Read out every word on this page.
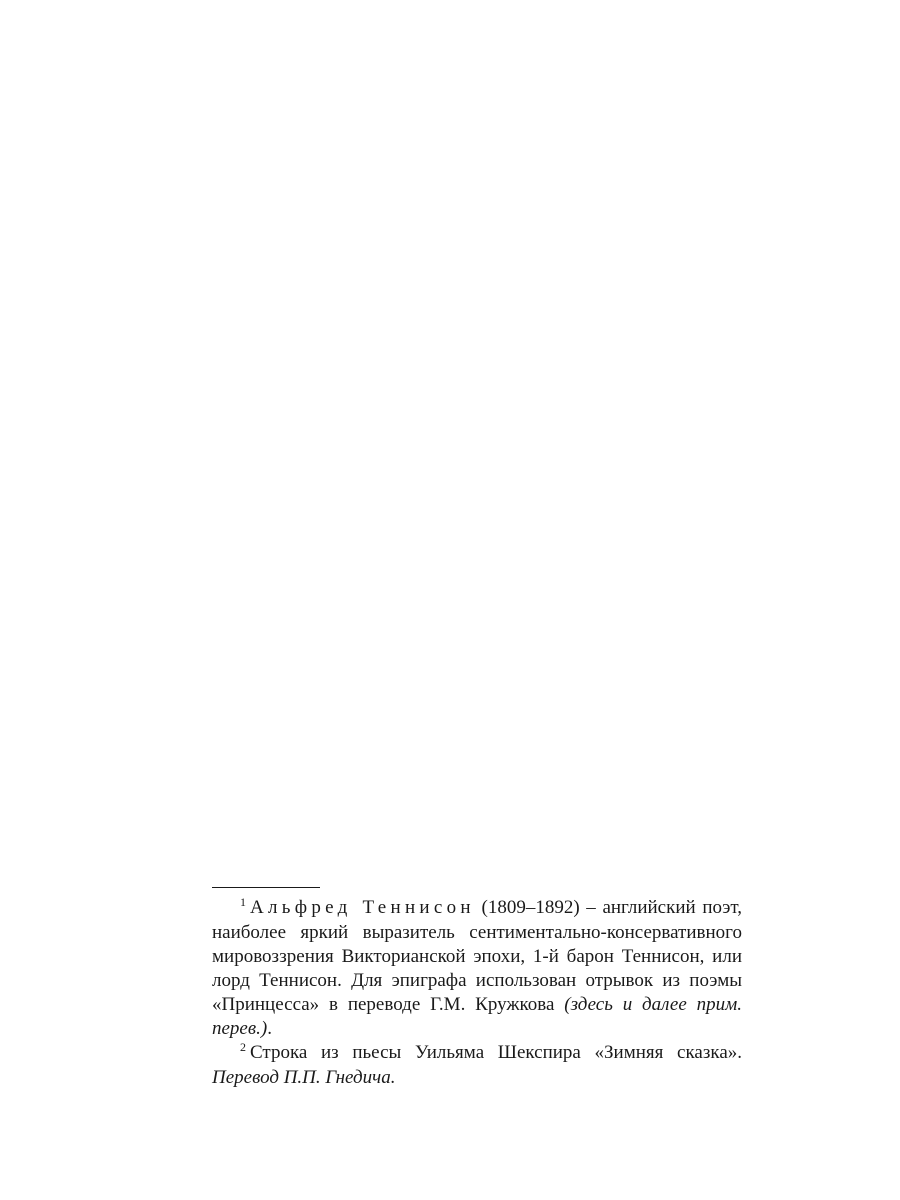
$^1$ Альфред Теннисон (1809–1892) – английский поэт, наиболее яркий выразитель сентиментально-консервативного мировоззрения Викторианской эпохи, 1-й барон Теннисон, или лорд Теннисон. Для эпиграфа использован отрывок из поэмы «Принцесса» в переводе Г.М. Кружкова (здесь и далее прим. перев.).

$^2$ Строка из пьесы Уильяма Шекспира «Зимняя сказка». Перевод П.П. Гнедича.
